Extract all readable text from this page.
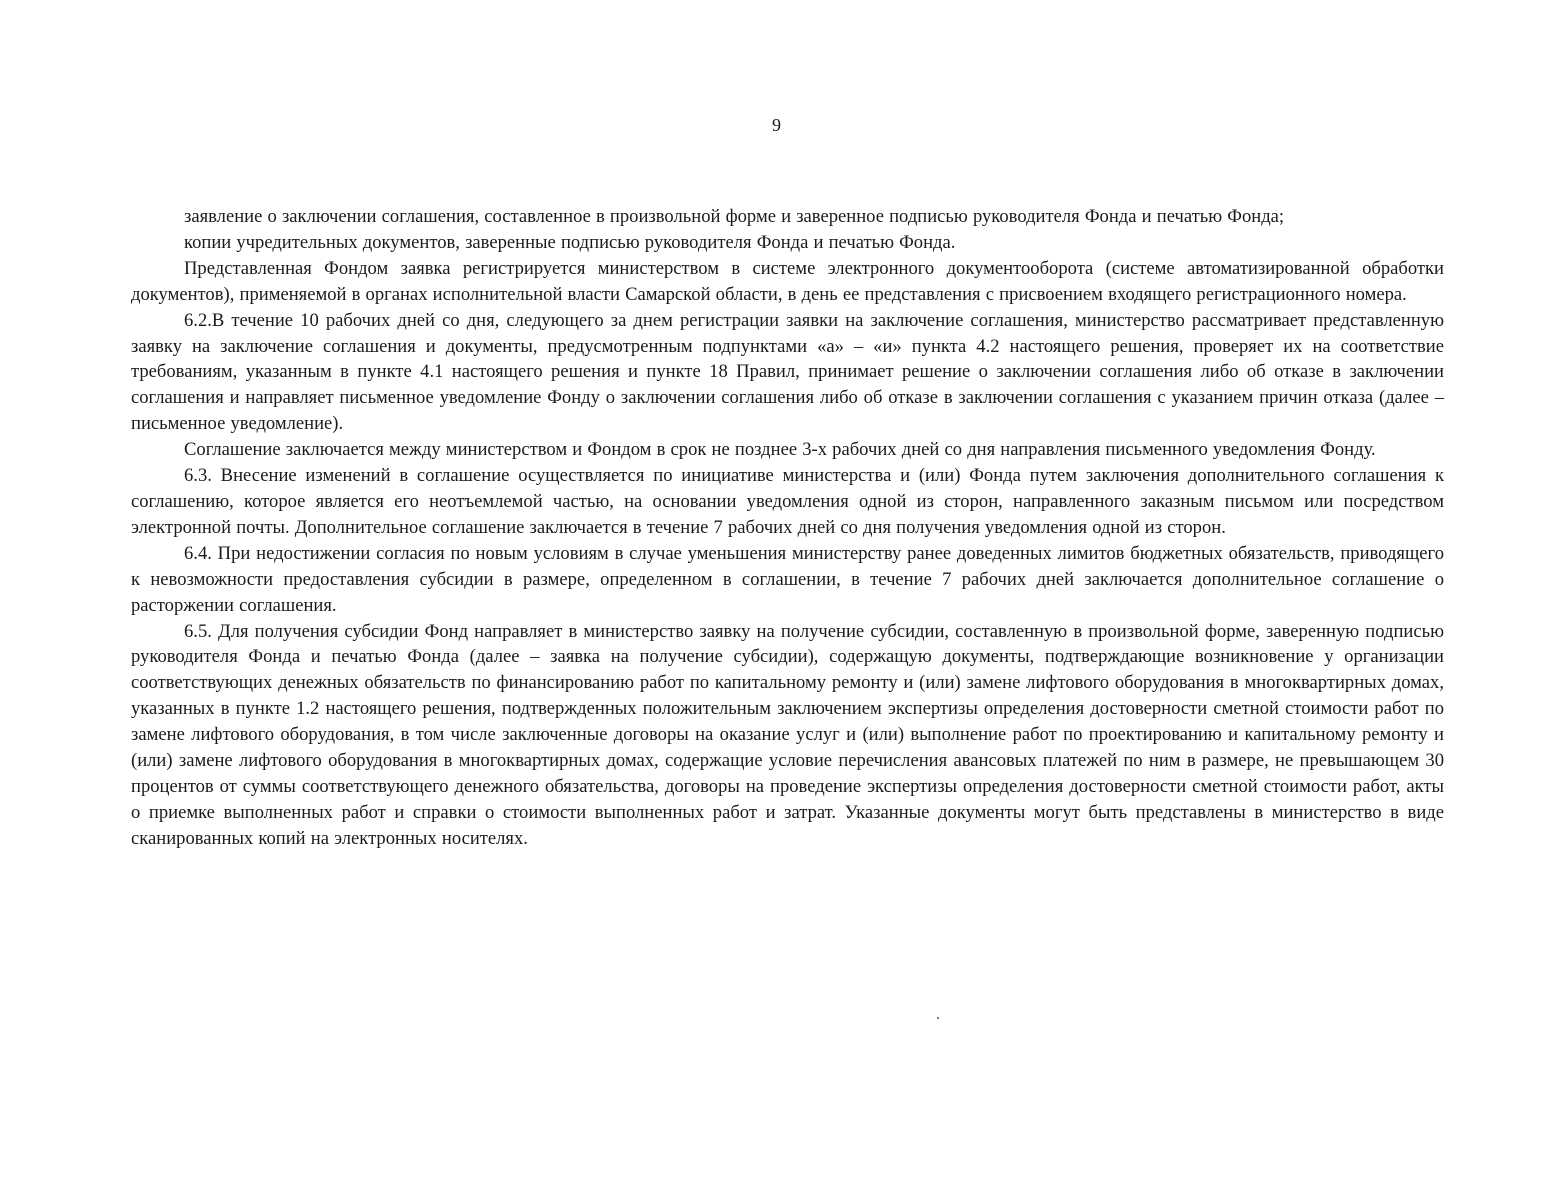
9

заявление о заключении соглашения, составленное в произвольной форме и заверенное подписью руководителя Фонда и печатью Фонда;

копии учредительных документов, заверенные подписью руководителя Фонда и печатью Фонда.

Представленная Фондом заявка регистрируется министерством в системе электронного документооборота (системе автоматизированной обработки документов), применяемой в органах исполнительной власти Самарской области, в день ее представления с присвоением входящего регистрационного номера.

6.2.В течение 10 рабочих дней со дня, следующего за днем регистрации заявки на заключение соглашения, министерство рассматривает представленную заявку на заключение соглашения и документы, предусмотренным подпунктами «а» – «и» пункта 4.2 настоящего решения, проверяет их на соответствие требованиям, указанным в пункте 4.1 настоящего решения и пункте 18 Правил, принимает решение о заключении соглашения либо об отказе в заключении соглашения и направляет письменное уведомление Фонду о заключении соглашения либо об отказе в заключении соглашения с указанием причин отказа (далее – письменное уведомление).

Соглашение заключается между министерством и Фондом в срок не позднее 3-х рабочих дней со дня направления письменного уведомления Фонду.

6.3. Внесение изменений в соглашение осуществляется по инициативе министерства и (или) Фонда путем заключения дополнительного соглашения к соглашению, которое является его неотъемлемой частью, на основании уведомления одной из сторон, направленного заказным письмом или посредством электронной почты. Дополнительное соглашение заключается в течение 7 рабочих дней со дня получения уведомления одной из сторон.

6.4. При недостижении согласия по новым условиям в случае уменьшения министерству ранее доведенных лимитов бюджетных обязательств, приводящего к невозможности предоставления субсидии в размере, определенном в соглашении, в течение 7 рабочих дней заключается дополнительное соглашение о расторжении соглашения.

6.5. Для получения субсидии Фонд направляет в министерство заявку на получение субсидии, составленную в произвольной форме, заверенную подписью руководителя Фонда и печатью Фонда (далее – заявка на получение субсидии), содержащую документы, подтверждающие возникновение у организации соответствующих денежных обязательств по финансированию работ по капитальному ремонту и (или) замене лифтового оборудования в многоквартирных домах, указанных в пункте 1.2 настоящего решения, подтвержденных положительным заключением экспертизы определения достоверности сметной стоимости работ по замене лифтового оборудования, в том числе заключенные договоры на оказание услуг и (или) выполнение работ по проектированию и капитальному ремонту и (или) замене лифтового оборудования в многоквартирных домах, содержащие условие перечисления авансовых платежей по ним в размере, не превышающем 30 процентов от суммы соответствующего денежного обязательства, договоры на проведение экспертизы определения достоверности сметной стоимости работ, акты о приемке выполненных работ и справки о стоимости выполненных работ и затрат. Указанные документы могут быть представлены в министерство в виде сканированных копий на электронных носителях.
